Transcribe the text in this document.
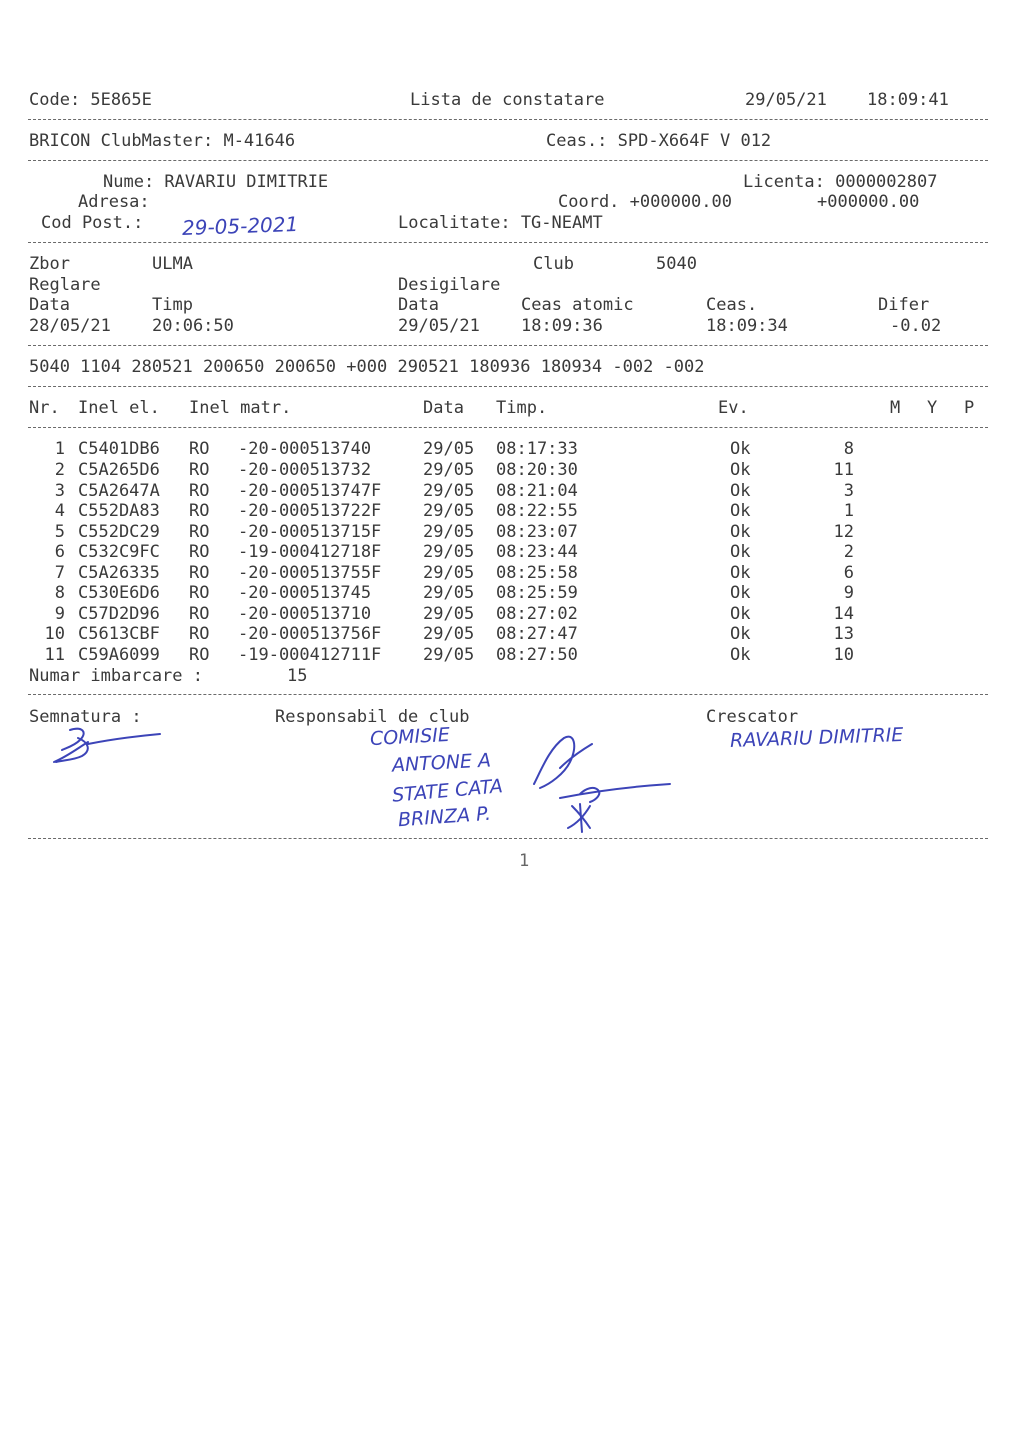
Code: 5E865E	Lista de constatare	29/05/21 18:09:41
BRICON ClubMaster: M-41646	Ceas.: SPD-X664F V 012
Nume: RAVARIU DIMITRIE	Licenta: 0000002807
Adresa:	Coord. +000000.00	+000000.00
Cod Post.: 29-05-2021	Localitate: TG-NEAMT
Zbor	ULMA	Club	5040
Reglare	Desigilare
Data	Timp	Data	Ceas atomic	Ceas.	Difer
28/05/21 20:06:50	29/05/21 18:09:36	18:09:34	-0.02
5040 1104 280521 200650 200650 +000 290521 180936 180934 -002 -002
Nr. Inel el. Inel matr.	Data Timp.	Ev.	M Y P
1 C5401DB6 RO -20-000513740	29/05 08:17:33	Ok	8
2 C5A265D6 RO -20-000513732	29/05 08:20:30	Ok	11
3 C5A2647A RO -20-000513747F 29/05 08:21:04	Ok	3
4 C552DA83 RO -20-000513722F 29/05 08:22:55	Ok	1
5 C552DC29 RO -20-000513715F 29/05 08:23:07	Ok	12
6 C532C9FC RO -19-000412718F 29/05 08:23:44	Ok	2
7 C5A26335 RO -20-000513755F 29/05 08:25:58	Ok	6
8 C530E6D6 RO -20-000513745	29/05 08:25:59	Ok	9
9 C57D2D96 RO -20-000513710	29/05 08:27:02	Ok	14
10 C5613CBF RO -20-000513756F 29/05 08:27:47	Ok	13
11 C59A6099 RO -19-000412711F 29/05 08:27:50	Ok	10
Numar imbarcare :	15
Semnatura :	Responsabil de club	Crescator
COMISIE
ANTONE A
STATE CATA
BRINZA P.
RAVARIU DIMITRIE
1
